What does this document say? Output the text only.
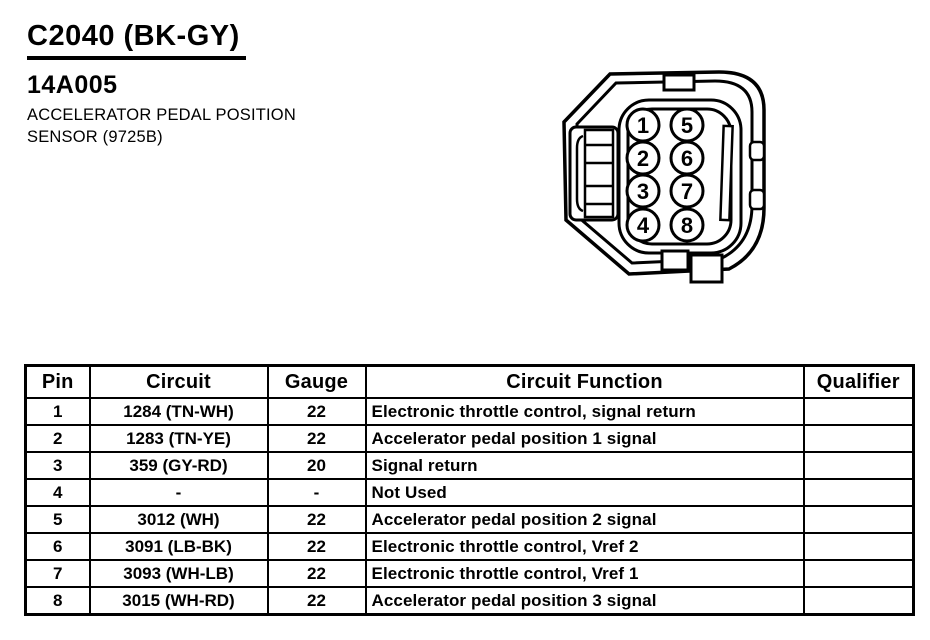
C2040 (BK-GY)
14A005
ACCELERATOR PEDAL POSITION
SENSOR (9725B)	1
2
3
4
5
6
7
8
Pin	Circuit	Gauge	Circuit Function	Qualifier
1	1284 (TN-WH)	22	Electronic throttle control, signal return	
2	1283 (TN-YE)	22	Accelerator pedal position 1 signal	
3	359 (GY-RD)	20	Signal return	
4	-	-	Not Used	
5	3012 (WH)	22	Accelerator pedal position 2 signal	
6	3091 (LB-BK)	22	Electronic throttle control, Vref 2	
7	3093 (WH-LB)	22	Electronic throttle control, Vref 1	
8	3015 (WH-RD)	22	Accelerator pedal position 3 signal	
